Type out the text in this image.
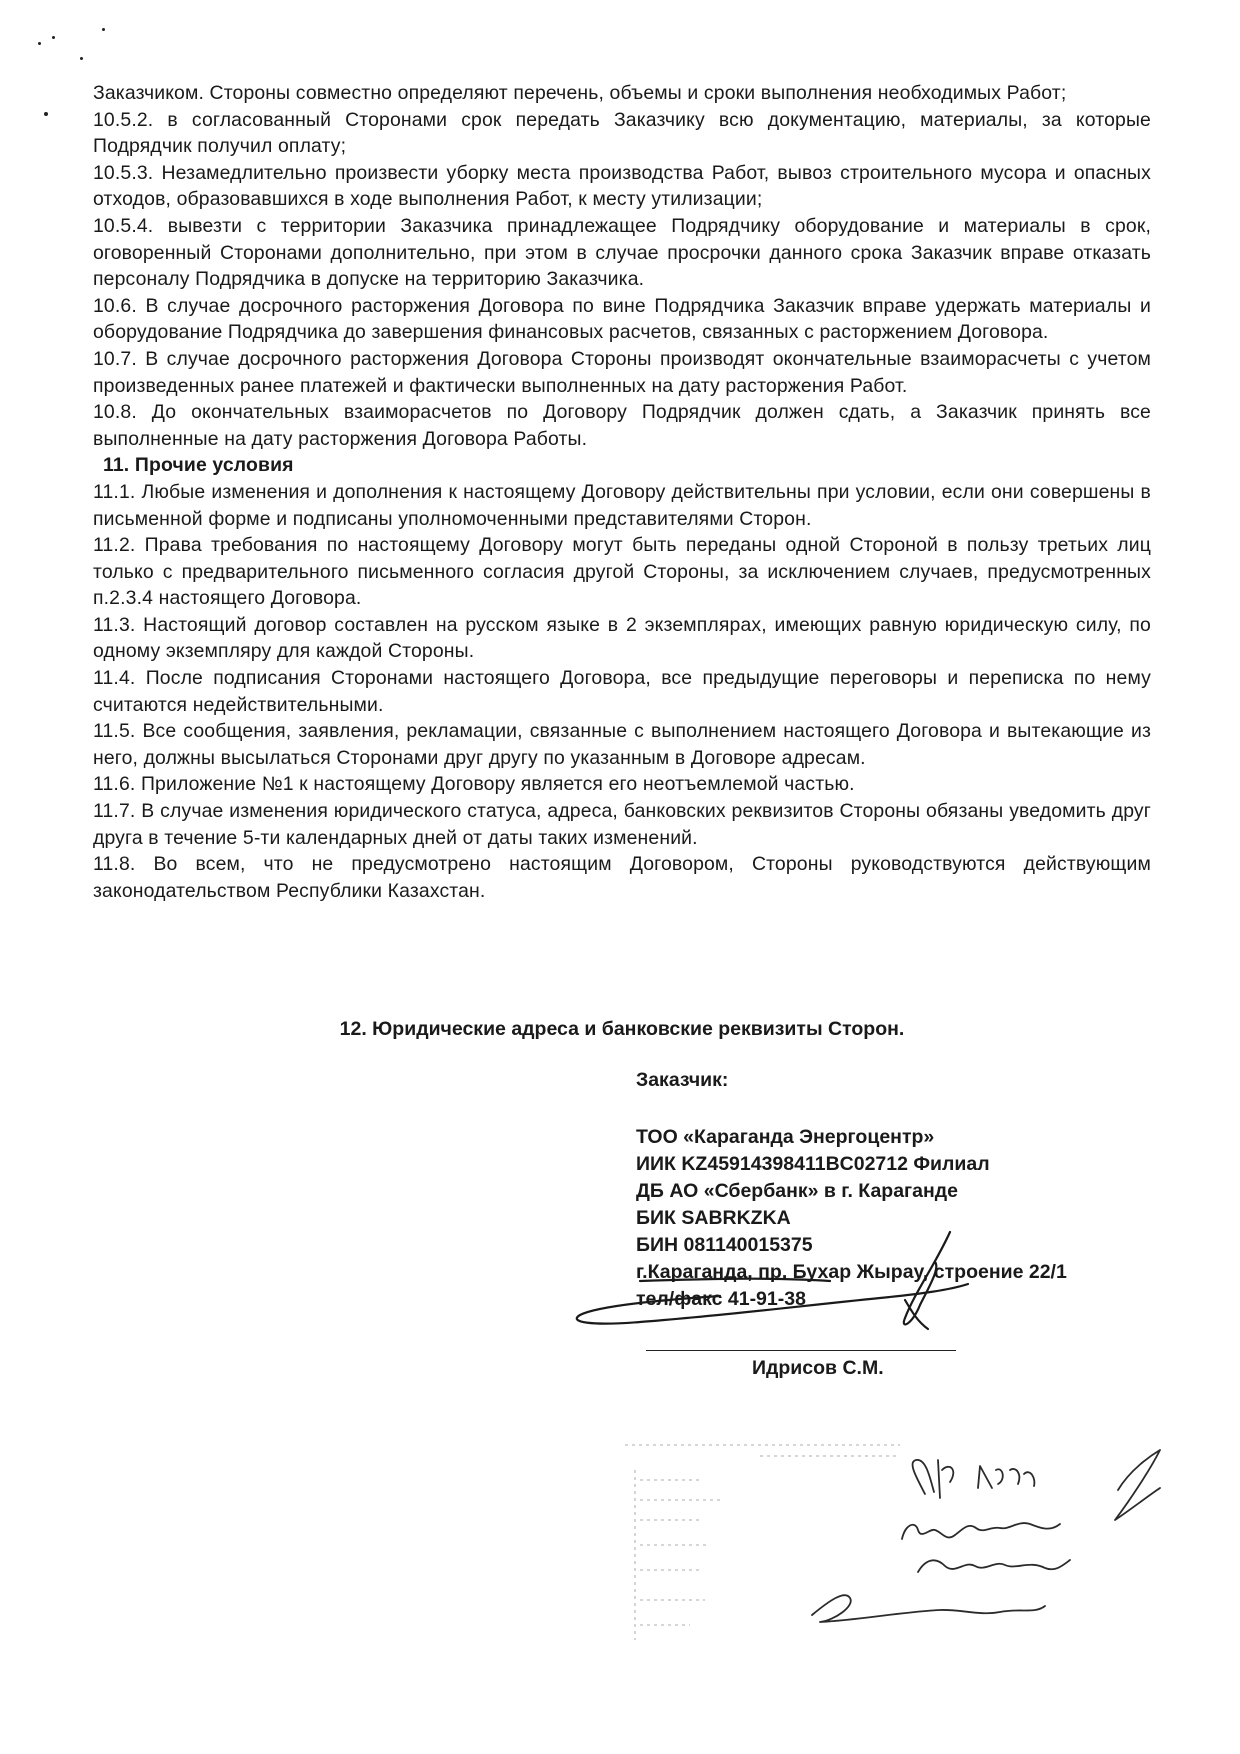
Заказчиком. Стороны совместно определяют перечень, объемы и сроки выполнения необходимых Работ;

10.5.2. в согласованный Сторонами срок передать Заказчику всю документацию, материалы, за которые Подрядчик получил оплату;

10.5.3. Незамедлительно произвести уборку места производства Работ, вывоз строительного мусора и опасных отходов, образовавшихся в ходе выполнения Работ, к месту утилизации;

10.5.4. вывезти с территории Заказчика принадлежащее Подрядчику оборудование и материалы в срок, оговоренный Сторонами дополнительно, при этом в случае просрочки данного срока Заказчик вправе отказать персоналу Подрядчика в допуске на территорию Заказчика.

10.6. В случае досрочного расторжения Договора по вине Подрядчика Заказчик вправе удержать материалы и оборудование Подрядчика до завершения финансовых расчетов, связанных с расторжением Договора.

10.7. В случае досрочного расторжения Договора Стороны производят окончательные взаиморасчеты с учетом произведенных ранее платежей и фактически выполненных на дату расторжения Работ.

10.8. До окончательных взаиморасчетов по Договору Подрядчик должен сдать, а Заказчик принять все выполненные на дату расторжения Договора Работы.

11. Прочие условия

11.1. Любые изменения и дополнения к настоящему Договору действительны при условии, если они совершены в письменной форме и подписаны уполномоченными представителями Сторон.

11.2. Права требования по настоящему Договору могут быть переданы одной Стороной в пользу третьих лиц только с предварительного письменного согласия другой Стороны, за исключением случаев, предусмотренных п.2.3.4 настоящего Договора.

11.3. Настоящий договор составлен на русском языке в 2 экземплярах, имеющих равную юридическую силу, по одному экземпляру для каждой Стороны.

11.4. После подписания Сторонами настоящего Договора, все предыдущие переговоры и переписка по нему считаются недействительными.

11.5. Все сообщения, заявления, рекламации, связанные с выполнением настоящего Договора и вытекающие из него, должны высылаться Сторонами друг другу по указанным в Договоре адресам.

11.6. Приложение №1 к настоящему Договору является его неотъемлемой частью.

11.7. В случае изменения юридического статуса, адреса, банковских реквизитов Стороны обязаны уведомить друг друга в течение 5-ти календарных дней от даты таких изменений.

11.8. Во всем, что не предусмотрено настоящим Договором, Стороны руководствуются действующим законодательством Республики Казахстан.

12. Юридические адреса и банковские реквизиты Сторон.
Заказчик:
ТОО «Караганда Энергоцентр»
ИИК KZ45914398411BC02712 Филиал
ДБ АО «Сбербанк» в г. Караганде
БИК SABRKZKA
БИН 081140015375
г.Караганда, пр. Бухар Жырау, строение 22/1
тел/факс 41-91-38
Идрисов С.М.
